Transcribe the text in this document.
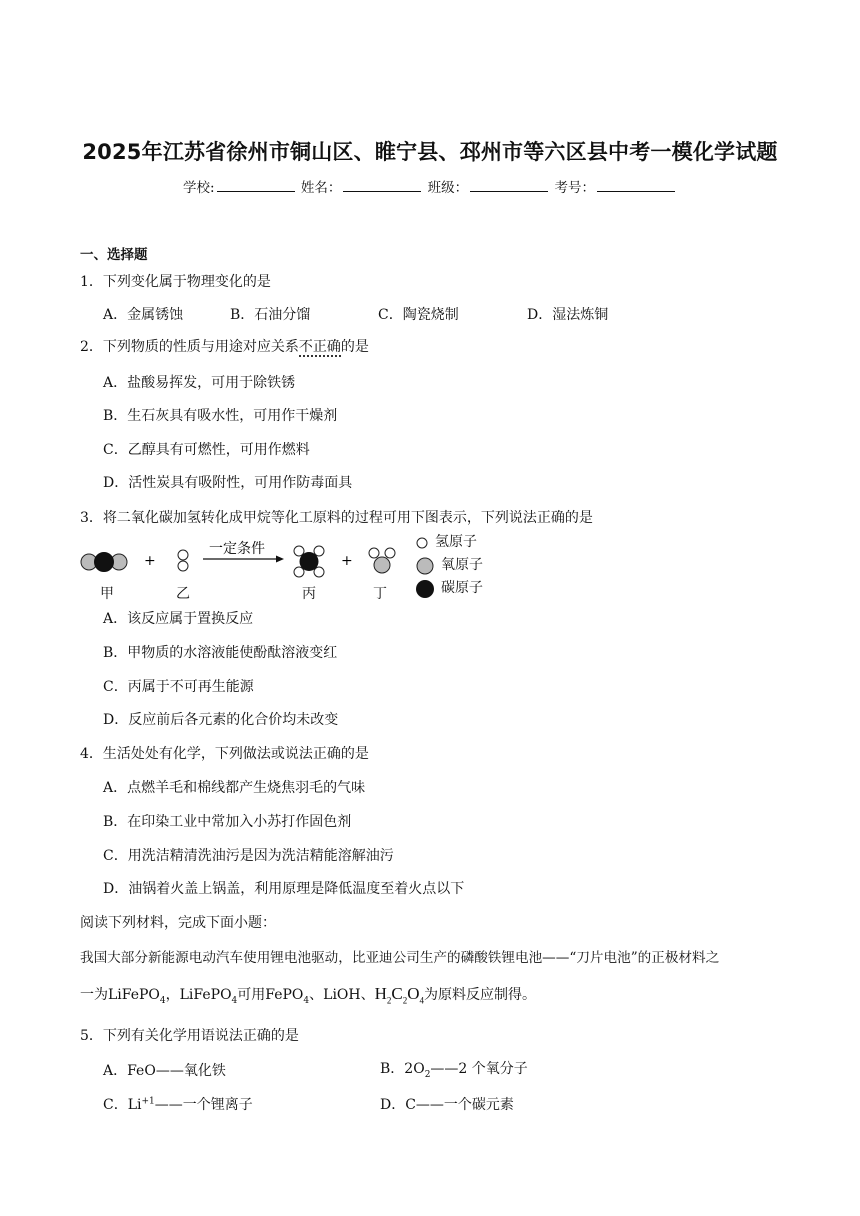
2025年江苏省徐州市铜山区、睢宁县、邳州市等六区县中考一模化学试题
学校:	姓名：	班级：	考号：
一、选择题
1．下列变化属于物理变化的是
A．金属锈蚀	B．石油分馏	C．陶瓷烧制	D．湿法炼铜
2．下列物质的性质与用途对应关系不正确的是
A．盐酸易挥发，可用于除铁锈
B．生石灰具有吸水性，可用作干燥剂
C．乙醇具有可燃性，可用作燃料
D．活性炭具有吸附性，可用作防毒面具
3．将二氧化碳加氢转化成甲烷等化工原料的过程可用下图表示，下列说法正确的是
+
一定条件
+
甲	乙	丙	丁
氢原子
氧原子
碳原子
A．该反应属于置换反应
B．甲物质的水溶液能使酚酞溶液变红
C．丙属于不可再生能源
D．反应前后各元素的化合价均未改变
4．生活处处有化学，下列做法或说法正确的是
A．点燃羊毛和棉线都产生烧焦羽毛的气味
B．在印染工业中常加入小苏打作固色剂
C．用洗洁精清洗油污是因为洗洁精能溶解油污
D．油锅着火盖上锅盖，利用原理是降低温度至着火点以下
阅读下列材料，完成下面小题：
我国大部分新能源电动汽车使用锂电池驱动，比亚迪公司生产的磷酸铁锂电池——“刀片电池”的正极材料之
一为LiFePO$_4$，LiFePO$_4$可用FePO$_4$、LiOH、$H_2C_2O_4$为原料反应制得。
5．下列有关化学用语说法正确的是
A．FeO——氧化铁	B．$2O_2——2$ 个氧分子
C．$Li^{+1}——$一个锂离子	D．C——一个碳元素
